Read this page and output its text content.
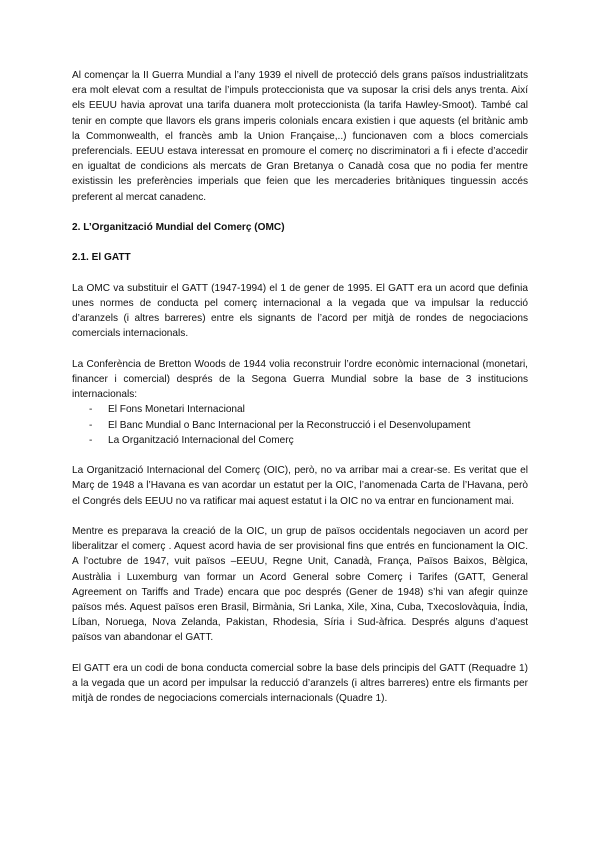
Al començar la II Guerra Mundial a l’any 1939 el nivell de protecció dels grans països industrialitzats era molt elevat com a resultat de l’impuls proteccionista que va suposar la crisi dels anys trenta. Així els EEUU havia aprovat una tarifa duanera molt proteccionista (la tarifa Hawley-Smoot). També cal tenir en compte que llavors els grans imperis colonials encara existien i que aquests (el britànic amb la Commonwealth, el francès amb la Union Française,..) funcionaven com a blocs comercials preferencials. EEUU estava interessat en promoure el comerç no discriminatori a fi i efecte d’accedir en igualtat de condicions als mercats de Gran Bretanya o Canadà cosa que no podia fer mentre existissin les preferències imperials que feien que les mercaderies britàniques tinguessin accés preferent al mercat canadenc.

2. L’Organització Mundial del Comerç (OMC)
2.1. El GATT

La OMC va substituir el GATT (1947-1994) el 1 de gener de 1995. El GATT era un acord que definia unes normes de conducta pel comerç internacional a la vegada que va impulsar la reducció d’aranzels (i altres barreres) entre els signants de l’acord per mitjà de rondes de negociacions comercials internacionals.

La Conferència de Bretton Woods de 1944 volia reconstruir l’ordre econòmic internacional (monetari, financer i comercial) després de la Segona Guerra Mundial sobre la base de 3 institucions internacionals:

- El Fons Monetari Internacional
- El Banc Mundial o Banc Internacional per la Reconstrucció i el Desenvolupament
- La Organització Internacional del Comerç

La Organització Internacional del Comerç (OIC), però, no va arribar mai a crear-se. Es veritat que el Març de 1948 a l’Havana es van acordar un estatut per la OIC, l’anomenada Carta de l’Havana, però el Congrés dels EEUU no va ratificar mai aquest estatut i la OIC no va entrar en funcionament mai.

Mentre es preparava la creació de la OIC, un grup de països occidentals negociaven un acord per liberalitzar el comerç . Aquest acord havia de ser provisional fins que entrés en funcionament la OIC. A l’octubre de 1947, vuit països –EEUU, Regne Unit, Canadà, França, Països Baixos, Bèlgica, Austràlia i Luxemburg van formar un Acord General sobre Comerç i Tarifes (GATT, General Agreement on Tariffs and Trade) encara que poc després (Gener de 1948) s’hi van afegir quinze països més. Aquest països eren Brasil, Birmània, Sri Lanka, Xile, Xina, Cuba, Txecoslovàquia, Índia, Líban, Noruega, Nova Zelanda, Pakistan, Rhodesia, Síria i Sud-àfrica. Després alguns d’aquest països van abandonar el GATT.

El GATT era un codi de bona conducta comercial sobre la base dels principis del GATT (Requadre 1) a la vegada que un acord per impulsar la reducció d’aranzels (i altres barreres) entre els firmants per mitjà de rondes de negociacions comercials internacionals (Quadre 1).
